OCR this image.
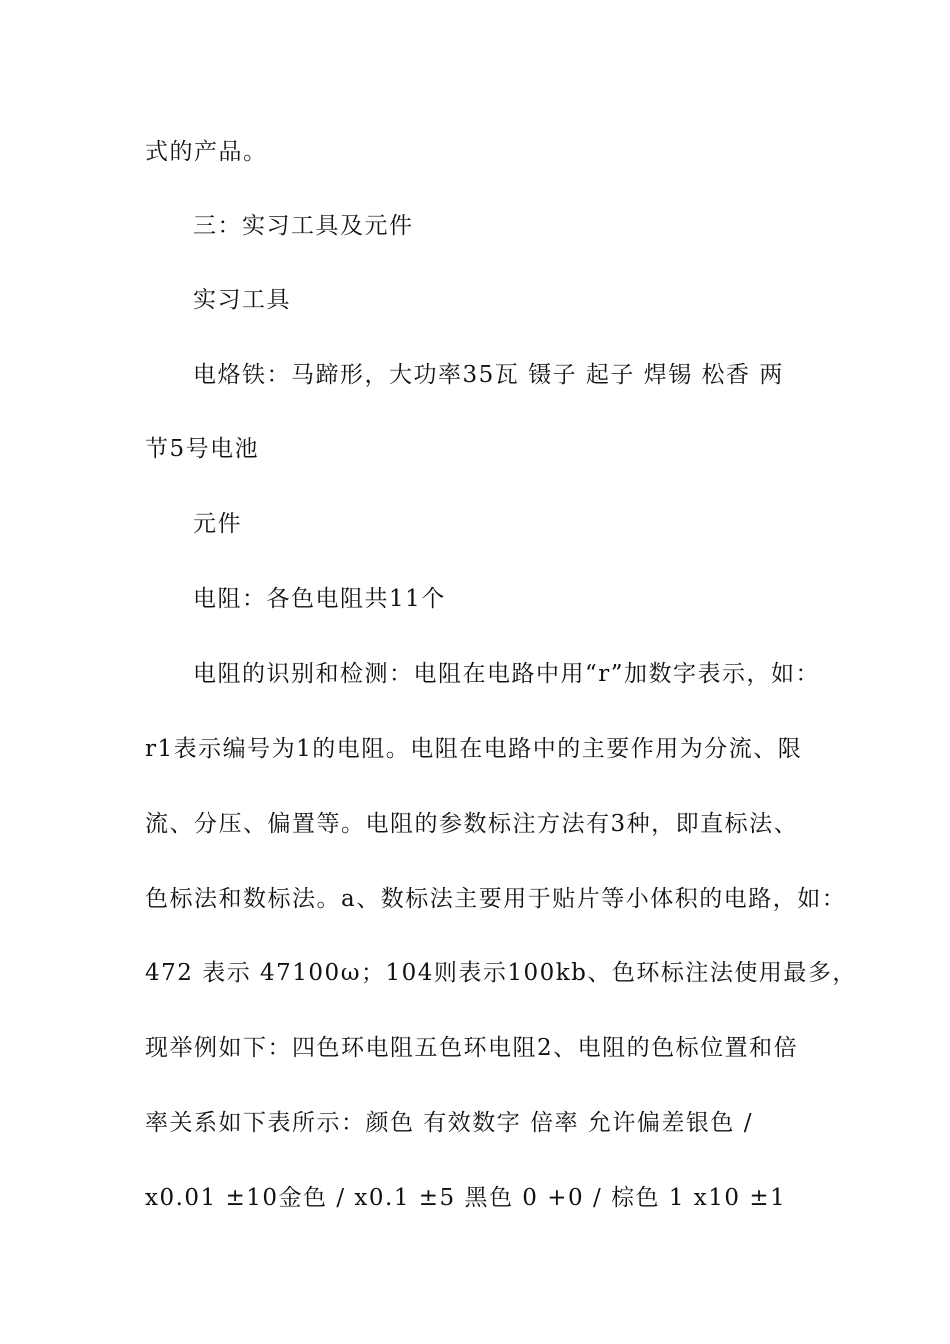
式的产品。
三：实习工具及元件
实习工具
电烙铁：马蹄形，大功率35瓦 镊子 起子 焊锡 松香 两
节5号电池
元件
电阻：各色电阻共11个
电阻的识别和检测：电阻在电路中用“r”加数字表示，如：
r1表示编号为1的电阻。电阻在电路中的主要作用为分流、限
流、分压、偏置等。电阻的参数标注方法有3种，即直标法、
色标法和数标法。a、数标法主要用于贴片等小体积的电路，如：
472 表示 47100ω；104则表示100kb、色环标注法使用最多，
现举例如下：四色环电阻五色环电阻2、电阻的色标位置和倍
率关系如下表所示：颜色 有效数字 倍率 允许偏差银色 /
x0.01 ±10金色 / x0.1 ±5 黑色 0 +0 / 棕色 1 x10 ±1
